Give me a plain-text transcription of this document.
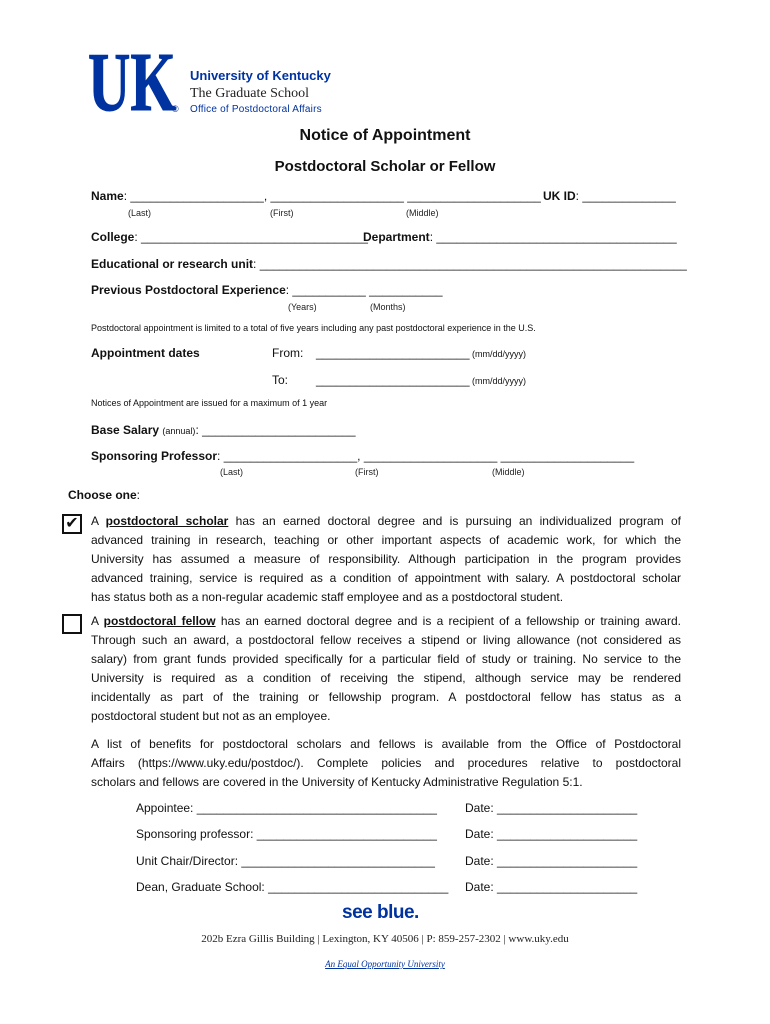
UK
®
University of Kentucky
The Graduate School
Office of Postdoctoral Affairs
Notice of Appointment
Postdoctoral Scholar or Fellow
Name: ____________________, ____________________ ____________________ UK ID: ______________
(Last)	(First)	(Middle)
College: __________________________________
Department: ____________________________________
Educational or research unit: ________________________________________________________________
Previous Postdoctoral Experience: ___________ ___________
(Years)	(Months)
Postdoctoral appointment is limited to a total of five years including any past postdoctoral experience in the U.S.
Appointment dates	From: _______________________ (mm/dd/yyyy)
To: _______________________ (mm/dd/yyyy)
Notices of Appointment are issued for a maximum of 1 year
Base Salary (annual): _______________________
Sponsoring Professor: ____________________, ____________________ ____________________
(Last)	(First)	(Middle)
Choose one:
✔ A postdoctoral scholar has an earned doctoral degree and is pursuing an individualized program of
advanced training in research, teaching or other important aspects of academic work, for which the
University has assumed a measure of responsibility. Although participation in the program provides
advanced training, service is required as a condition of appointment with salary. A postdoctoral scholar
has status both as a non-regular academic staff employee and as a postdoctoral student.
A postdoctoral fellow has an earned doctoral degree and is a recipient of a fellowship or training award.
Through such an award, a postdoctoral fellow receives a stipend or living allowance (not considered as
salary) from grant funds provided specifically for a particular field of study or training. No service to the
University is required as a condition of receiving the stipend, although service may be rendered
incidentally as part of the training or fellowship program. A postdoctoral fellow has status as a
postdoctoral student but not as an employee.
A list of benefits for postdoctoral scholars and fellows is available from the Office of Postdoctoral
Affairs (https://www.uky.edu/postdoc/). Complete policies and procedures relative to postdoctoral
scholars and fellows are covered in the University of Kentucky Administrative Regulation 5:1.
Appointee: ____________________________________ Date: _____________________
Sponsoring professor: ___________________________ Date: _____________________
Unit Chair/Director: _____________________________	Date: _____________________
Dean, Graduate School: ___________________________ Date: _____________________
see blue.
202b Ezra Gillis Building | Lexington, KY 40506 | P: 859-257-2302 | www.uky.edu
An Equal Opportunity University
